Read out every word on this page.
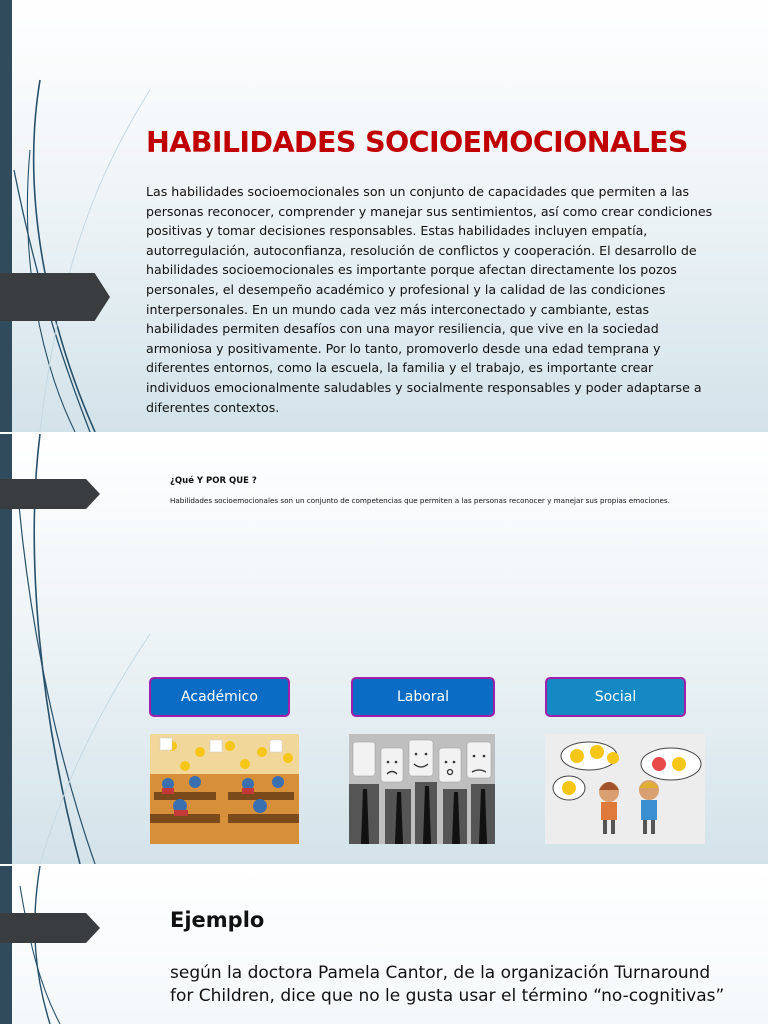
HABILIDADES SOCIOEMOCIONALES

Las habilidades socioemocionales son un conjunto de capacidades que permiten a las personas reconocer, comprender y manejar sus sentimientos, así como crear condiciones positivas y tomar decisiones responsables. Estas habilidades incluyen empatía, autorregulación, autoconfianza, resolución de conflictos y cooperación. El desarrollo de habilidades socioemocionales es importante porque afectan directamente los pozos personales, el desempeño académico y profesional y la calidad de las condiciones interpersonales. En un mundo cada vez más interconectado y cambiante, estas habilidades permiten desafíos con una mayor resiliencia, que vive en la sociedad armoniosa y positivamente. Por lo tanto, promoverlo desde una edad temprana y diferentes entornos, como la escuela, la familia y el trabajo, es importante crear individuos emocionalmente saludables y socialmente responsables y poder adaptarse a diferentes contextos.

¿Qué Y POR QUE ?

Habilidades socioemocionales son un conjunto de competencias que permiten a las personas reconocer y manejar sus propias emociones.

Académico	Laboral	Social
Ejemplo

según la doctora Pamela Cantor, de la organización Turnaround for Children, dice que no le gusta usar el término “no-cognitivas”
